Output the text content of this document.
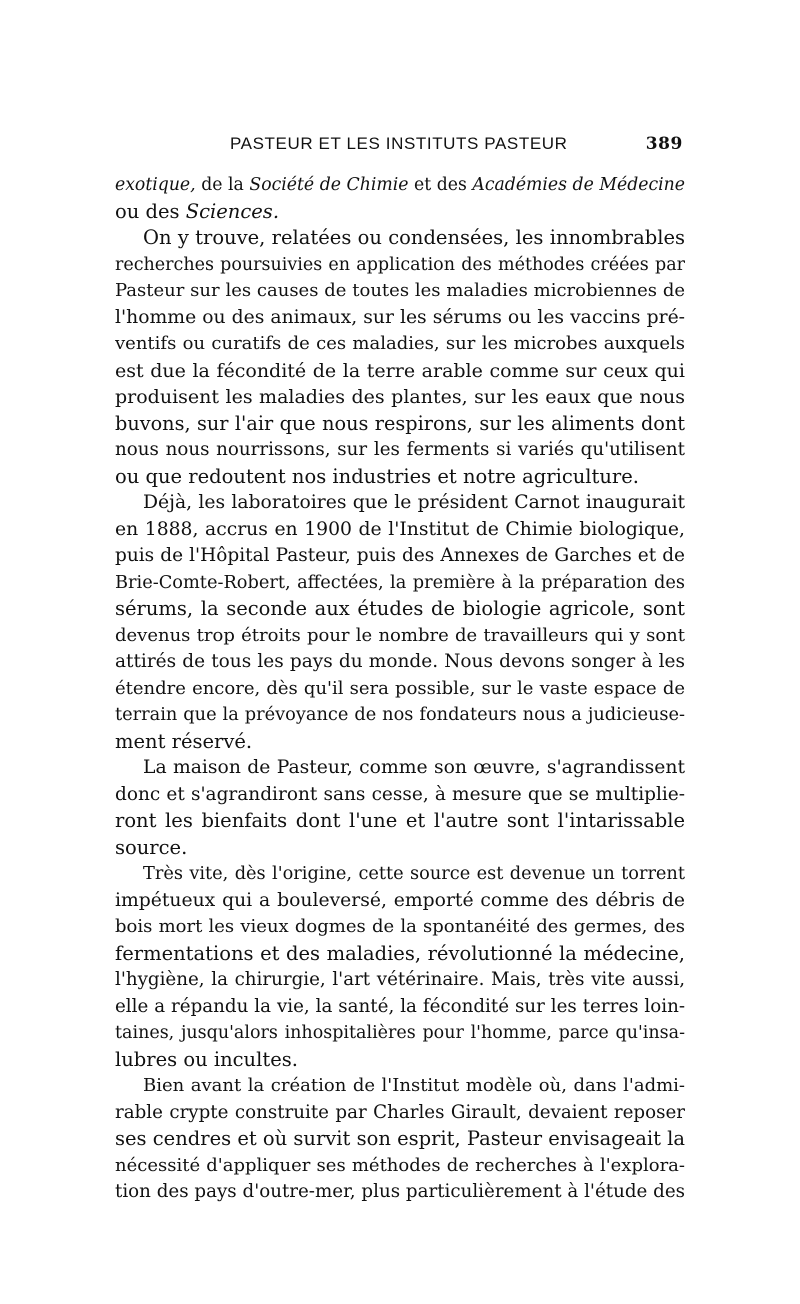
PASTEUR ET LES INSTITUTS PASTEUR	389
exotique, de la Société de Chimie et des Académies de Médecine
ou des Sciences.
On y trouve, relatées ou condensées, les innombrables
recherches poursuivies en application des méthodes créées par
Pasteur sur les causes de toutes les maladies microbiennes de
l'homme ou des animaux, sur les sérums ou les vaccins pré-
ventifs ou curatifs de ces maladies, sur les microbes auxquels
est due la fécondité de la terre arable comme sur ceux qui
produisent les maladies des plantes, sur les eaux que nous
buvons, sur l'air que nous respirons, sur les aliments dont
nous nous nourrissons, sur les ferments si variés qu'utilisent
ou que redoutent nos industries et notre agriculture.
Déjà, les laboratoires que le président Carnot inaugurait
en 1888, accrus en 1900 de l'Institut de Chimie biologique,
puis de l'Hôpital Pasteur, puis des Annexes de Garches et de
Brie-Comte-Robert, affectées, la première à la préparation des
sérums, la seconde aux études de biologie agricole, sont
devenus trop étroits pour le nombre de travailleurs qui y sont
attirés de tous les pays du monde. Nous devons songer à les
étendre encore, dès qu'il sera possible, sur le vaste espace de
terrain que la prévoyance de nos fondateurs nous a judicieuse-
ment réservé.
La maison de Pasteur, comme son œuvre, s'agrandissent
donc et s'agrandiront sans cesse, à mesure que se multiplie-
ront les bienfaits dont l'une et l'autre sont l'intarissable
source.
Très vite, dès l'origine, cette source est devenue un torrent
impétueux qui a bouleversé, emporté comme des débris de
bois mort les vieux dogmes de la spontanéité des germes, des
fermentations et des maladies, révolutionné la médecine,
l'hygiène, la chirurgie, l'art vétérinaire. Mais, très vite aussi,
elle a répandu la vie, la santé, la fécondité sur les terres loin-
taines, jusqu'alors inhospitalières pour l'homme, parce qu'insa-
lubres ou incultes.
Bien avant la création de l'Institut modèle où, dans l'admi-
rable crypte construite par Charles Girault, devaient reposer
ses cendres et où survit son esprit, Pasteur envisageait la
nécessité d'appliquer ses méthodes de recherches à l'explora-
tion des pays d'outre-mer, plus particulièrement à l'étude des
